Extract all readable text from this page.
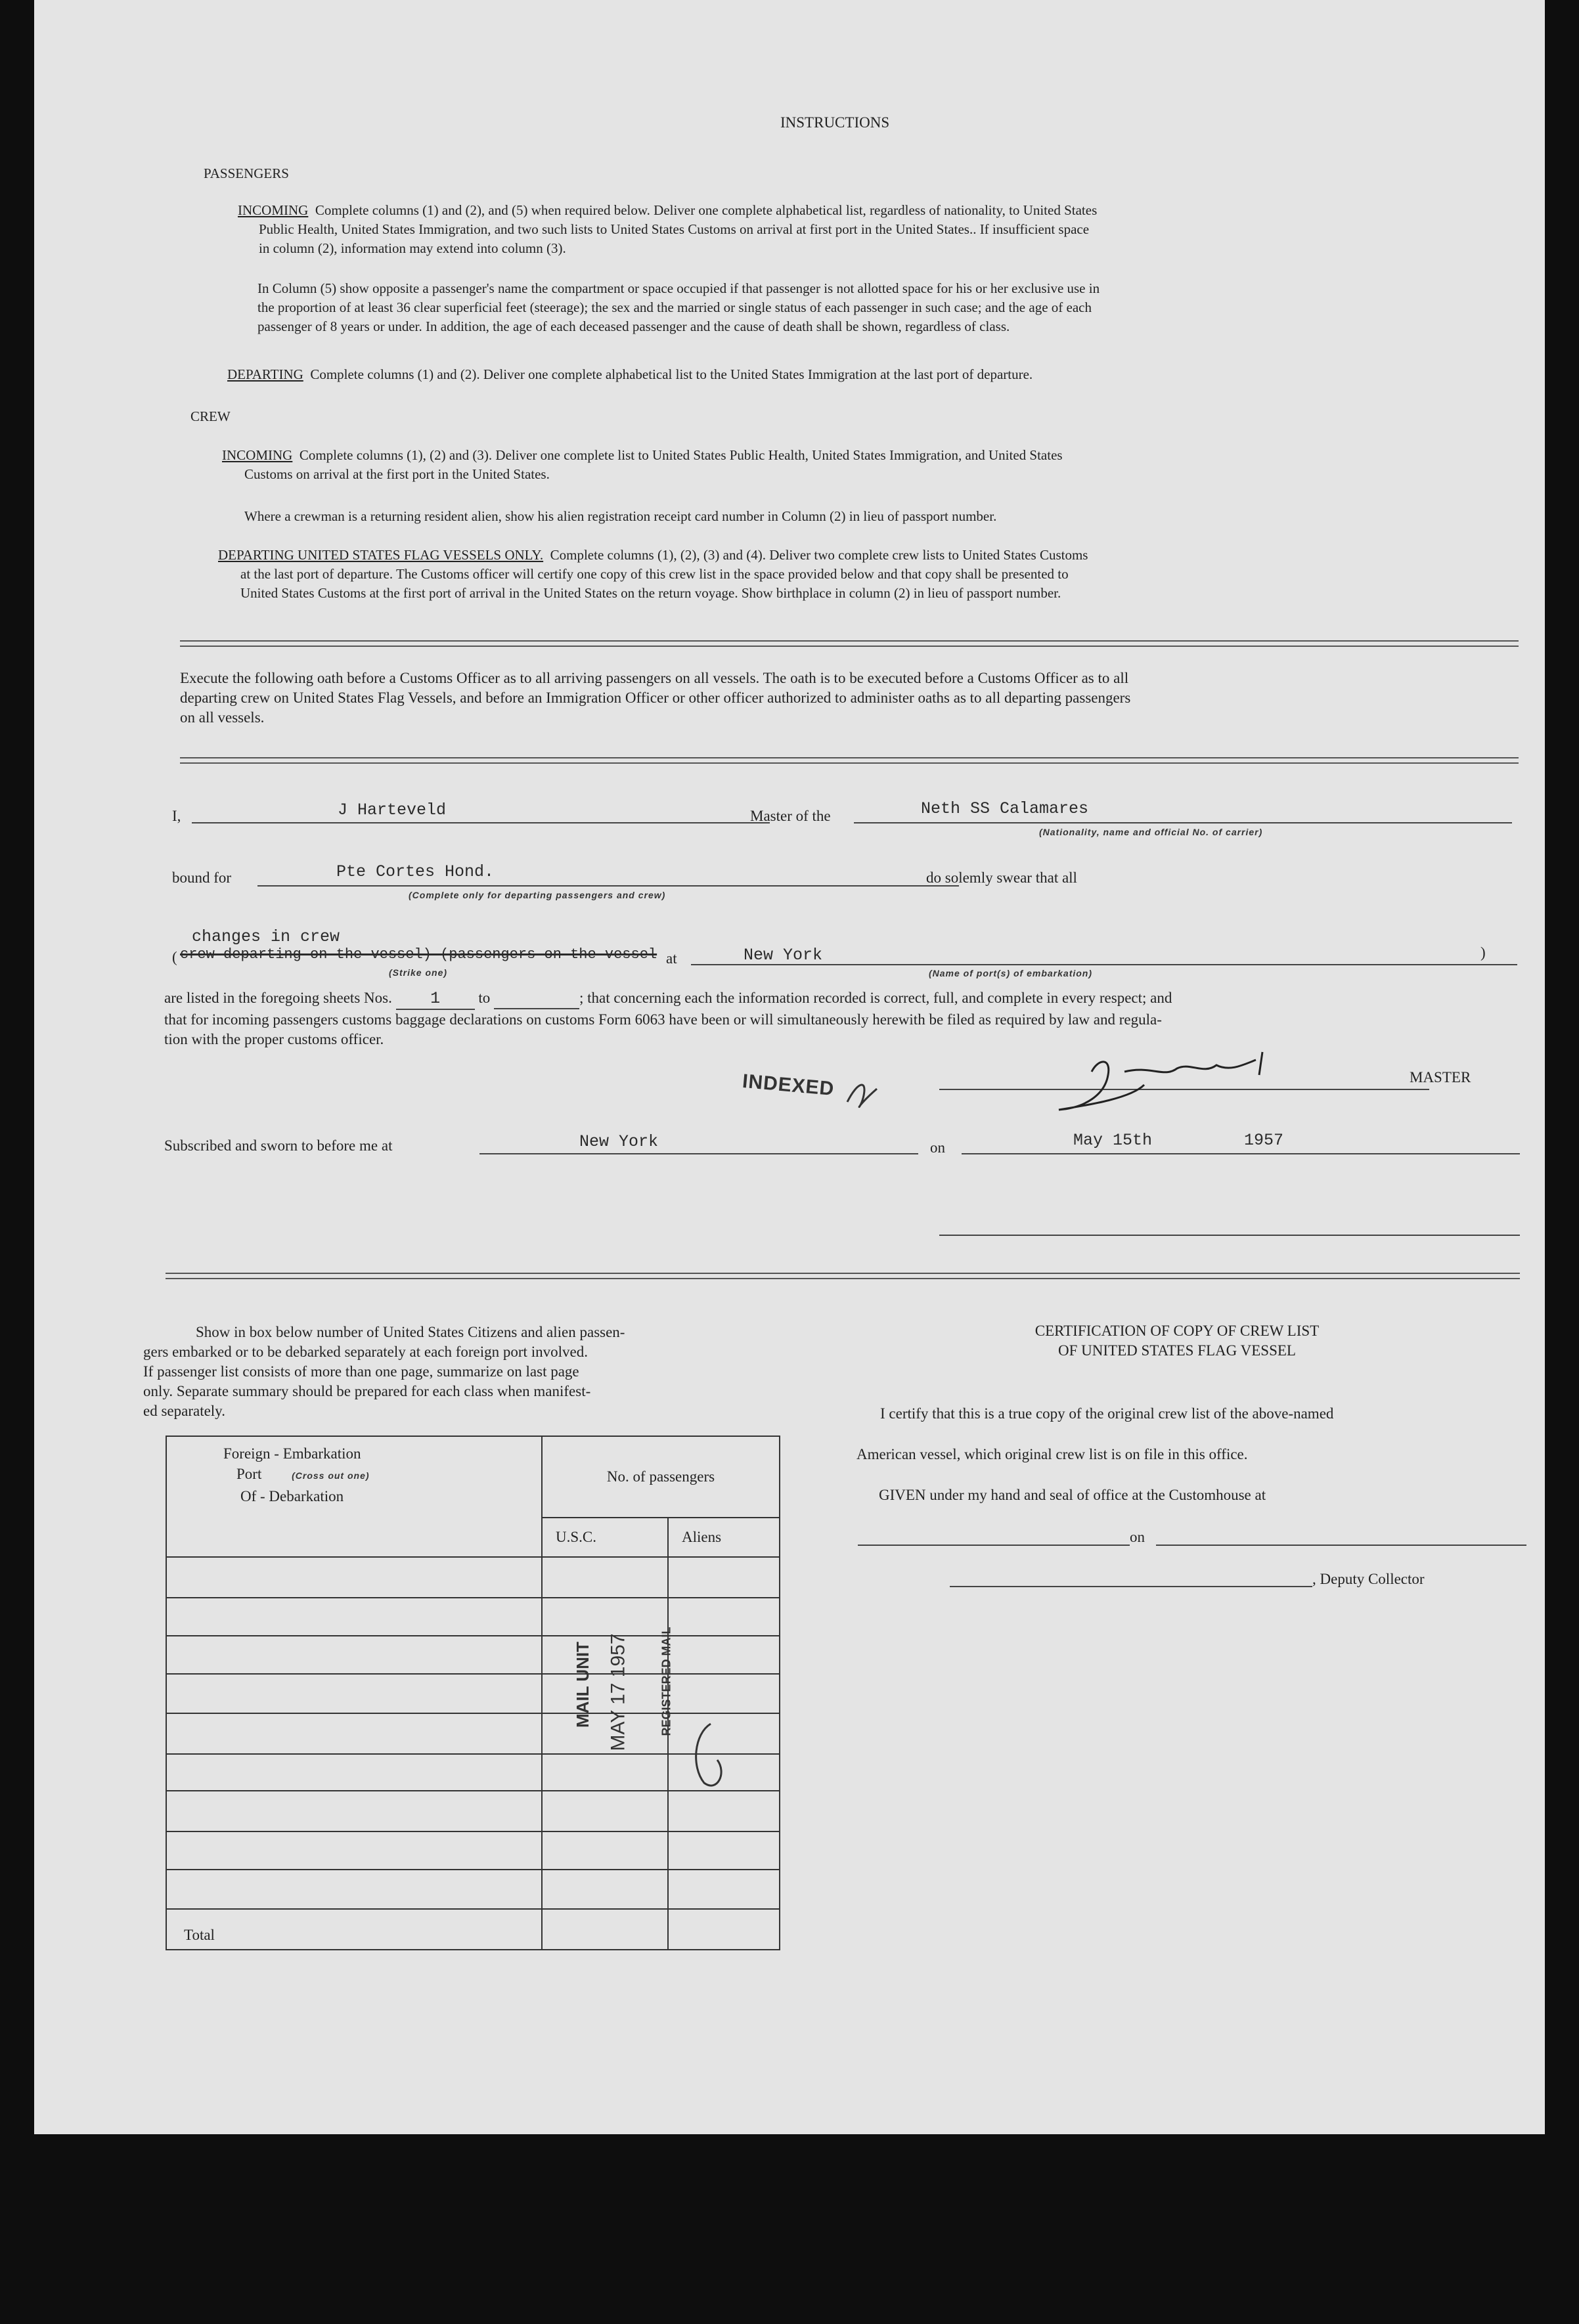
INSTRUCTIONS
PASSENGERS
INCOMING Complete columns (1) and (2), and (5) when required below. Deliver one complete alphabetical list, regardless of nationality, to United States
Public Health, United States Immigration, and two such lists to United States Customs on arrival at first port in the United States.. If insufficient space
in column (2), information may extend into column (3).
In Column (5) show opposite a passenger's name the compartment or space occupied if that passenger is not allotted space for his or her exclusive use in
the proportion of at least 36 clear superficial feet (steerage); the sex and the married or single status of each passenger in such case; and the age of each
passenger of 8 years or under. In addition, the age of each deceased passenger and the cause of death shall be shown, regardless of class.
DEPARTING Complete columns (1) and (2). Deliver one complete alphabetical list to the United States Immigration at the last port of departure.
CREW
INCOMING Complete columns (1), (2) and (3). Deliver one complete list to United States Public Health, United States Immigration, and United States
Customs on arrival at the first port in the United States.
Where a crewman is a returning resident alien, show his alien registration receipt card number in Column (2) in lieu of passport number.
DEPARTING UNITED STATES FLAG VESSELS ONLY. Complete columns (1), (2), (3) and (4). Deliver two complete crew lists to United States Customs
at the last port of departure. The Customs officer will certify one copy of this crew list in the space provided below and that copy shall be presented to
United States Customs at the first port of arrival in the United States on the return voyage. Show birthplace in column (2) in lieu of passport number.
Execute the following oath before a Customs Officer as to all arriving passengers on all vessels. The oath is to be executed before a Customs Officer as to all
departing crew on United States Flag Vessels, and before an Immigration Officer or other officer authorized to administer oaths as to all departing passengers
on all vessels.
I,	J Harteveld	Master of the	Neth SS Calamares
(Nationality, name and official No. of carrier)
bound for	Pte Cortes Hond.
(Complete only for departing passengers and crew)
do solemly swear that all
changes in crew
( crew departing on the vessel) (passengers on the vessel
(Strike one)
at	New York
(Name of port(s) of embarkation)
)
are listed in the foregoing sheets Nos. 1	to	; that concerning each the information recorded is correct, full, and complete in every respect; and
that for incoming passengers customs baggage declarations on customs Form 6063 have been or will simultaneously herewith be filed as required by law and regula-
tion with the proper customs officer.
INDEXED	MASTER
Subscribed and sworn to before me at	New York	on	May 15th	1957
Show in box below number of United States Citizens and alien passen-
gers embarked or to be debarked separately at each foreign port involved.
If passenger list consists of more than one page, summarize on last page
only. Separate summary should be prepared for each class when manifest-
ed separately.
Foreign - Embarkation
Port (Cross out one)
Of - Debarkation	No. of passengers	
	U.S.C.	Aliens

Total		
MAIL UNIT MAY 17 1957	REGISTERED MAIL
CERTIFICATION OF COPY OF CREW LIST
OF UNITED STATES FLAG VESSEL
I certify that this is a true copy of the original crew list of the above-named
American vessel, which original crew list is on file in this office.
GIVEN under my hand and seal of office at the Customhouse at
on
, Deputy Collector
